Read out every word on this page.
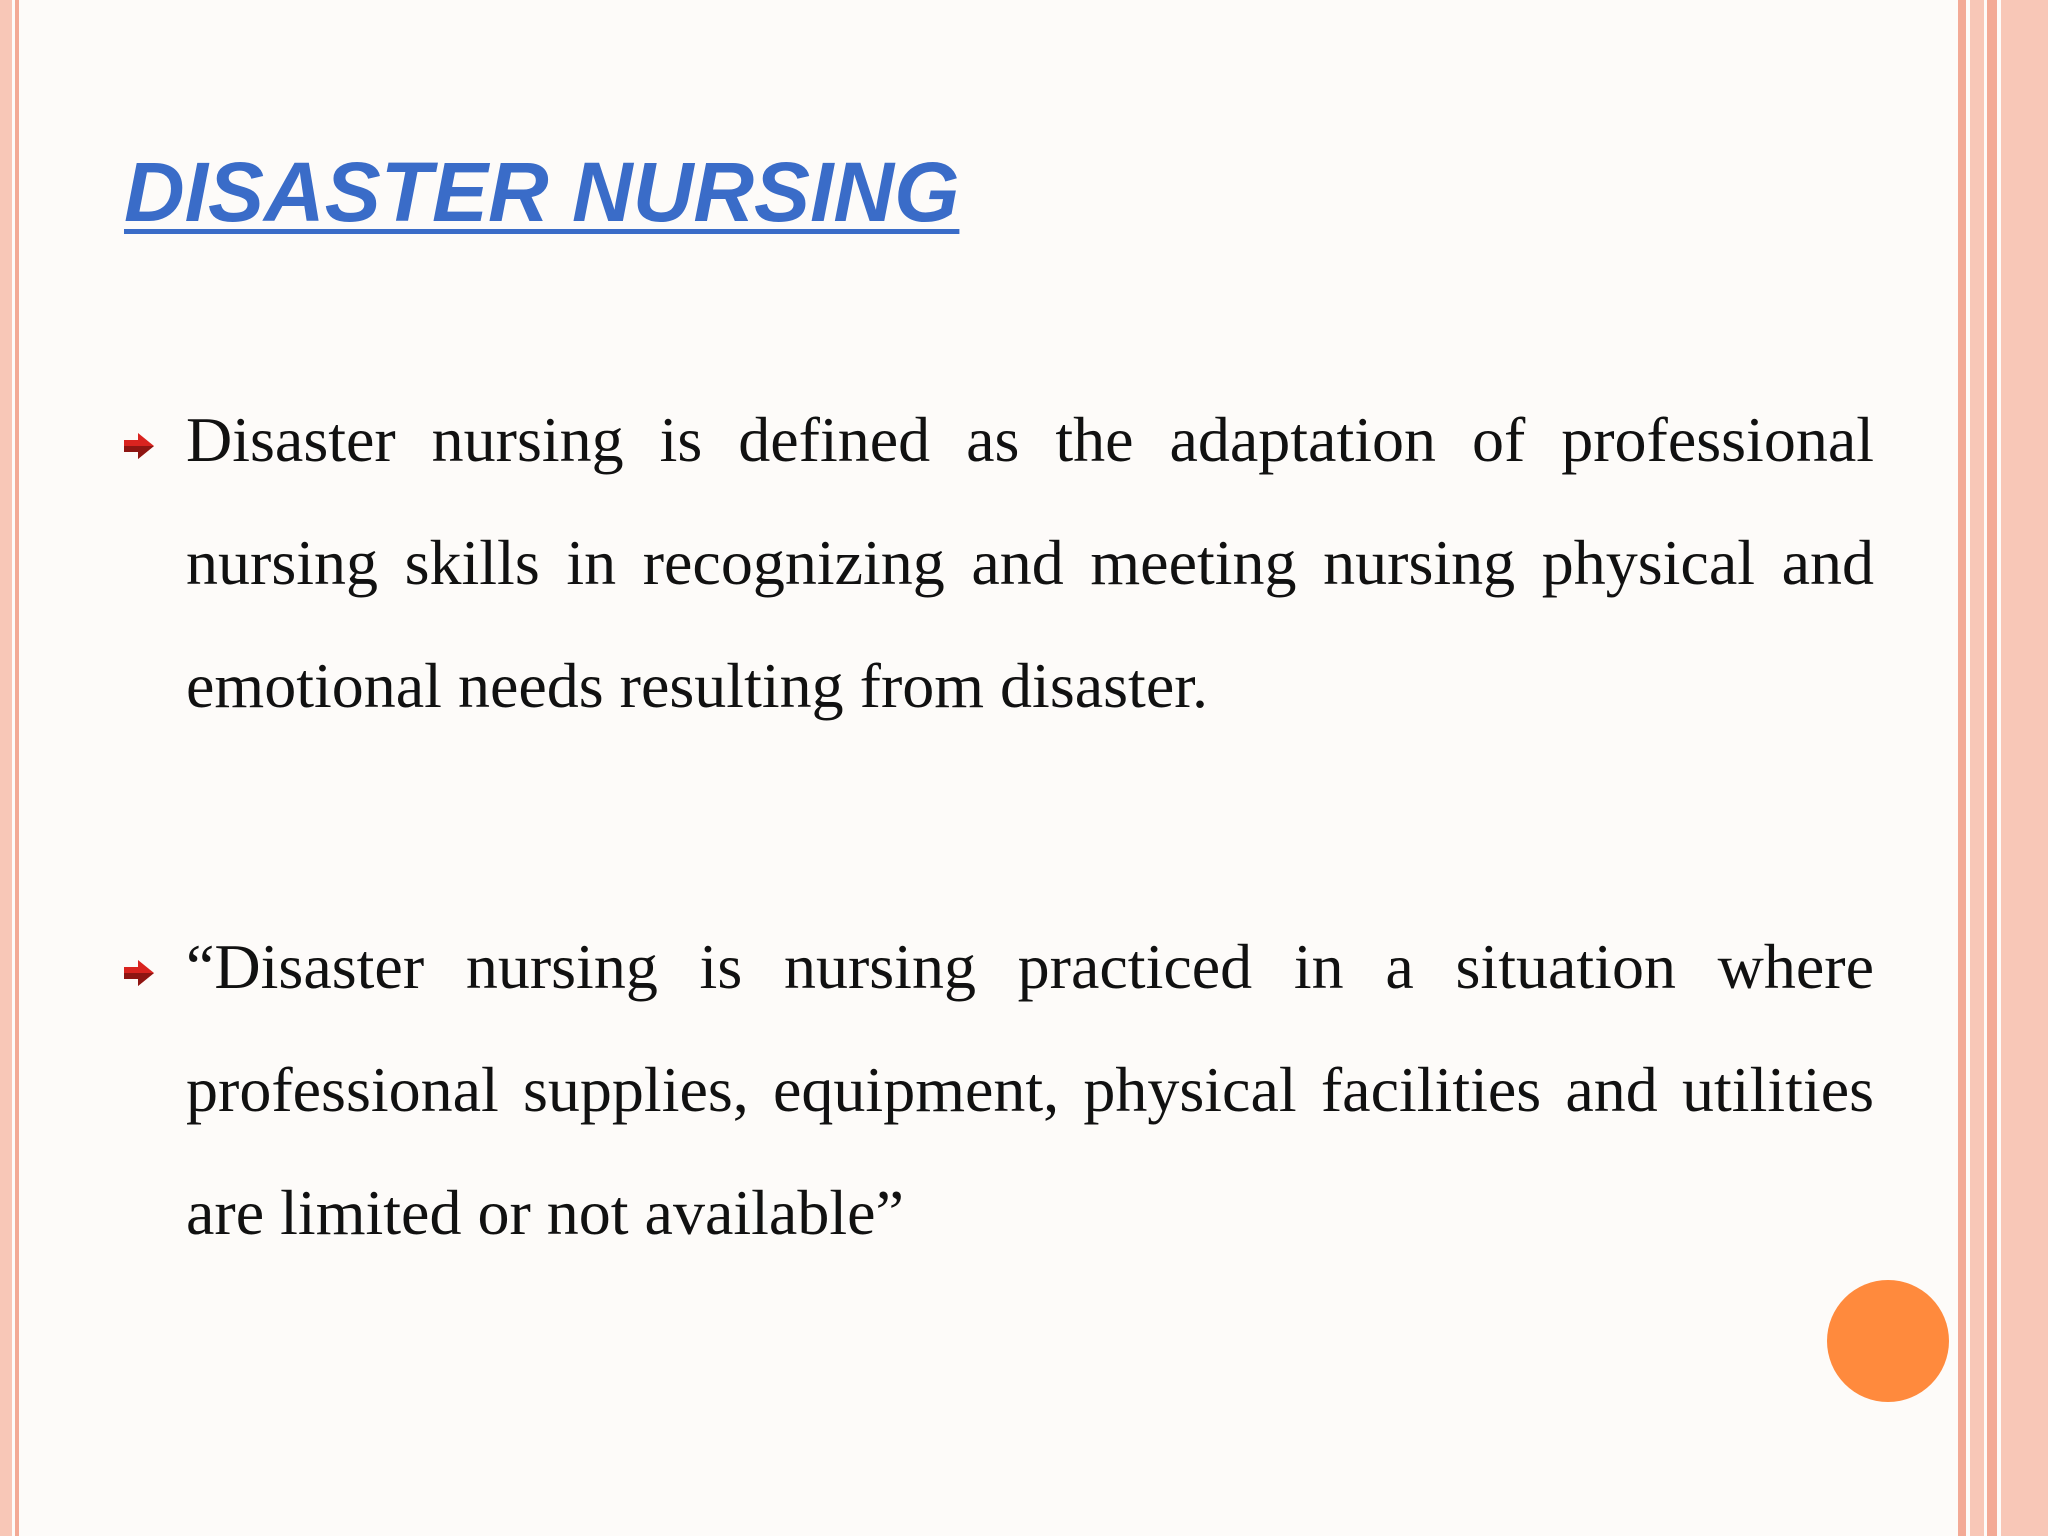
DISASTER NURSING

Disaster nursing is defined as the adaptation of professional nursing skills in recognizing and meeting nursing physical and emotional needs resulting from disaster.

“Disaster nursing is nursing practiced in a situation where professional supplies, equipment, physical facilities and utilities are limited or not available”
